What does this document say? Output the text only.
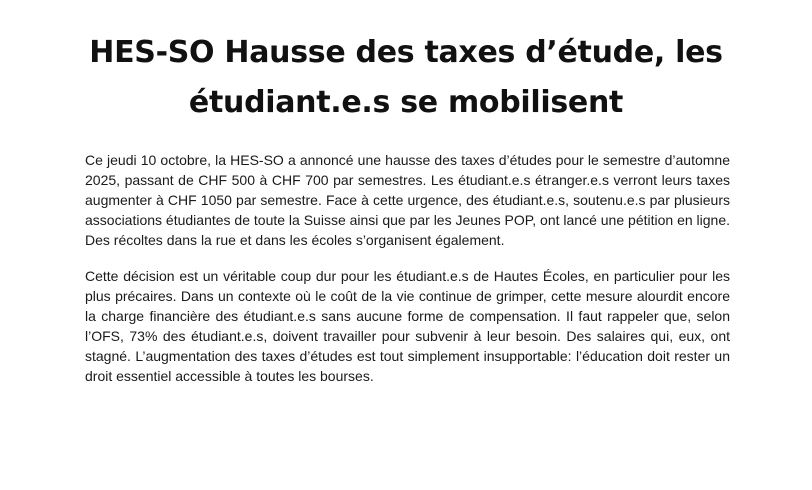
HES-SO Hausse des taxes d’étude, les étudiant.e.s se mobilisent

Ce jeudi 10 octobre, la HES-SO a annoncé une hausse des taxes d’études pour le semestre d’automne 2025, passant de CHF 500 à CHF 700 par semestres. Les étudiant.e.s étranger.e.s verront leurs taxes augmenter à CHF 1050 par semestre. Face à cette urgence, des étudiant.e.s, soutenu.e.s par plusieurs associations étudiantes de toute la Suisse ainsi que par les Jeunes POP, ont lancé une pétition en ligne. Des récoltes dans la rue et dans les écoles s’organisent également.

Cette décision est un véritable coup dur pour les étudiant.e.s de Hautes Écoles, en particulier pour les plus précaires. Dans un contexte où le coût de la vie continue de grimper, cette mesure alourdit encore la charge financière des étudiant.e.s sans aucune forme de compensation. Il faut rappeler que, selon l’OFS, 73% des étudiant.e.s, doivent travailler pour subvenir à leur besoin. Des salaires qui, eux, ont stagné. L’augmentation des taxes d’études est tout simplement insupportable: l’éducation doit rester un droit essentiel accessible à toutes les bourses.
